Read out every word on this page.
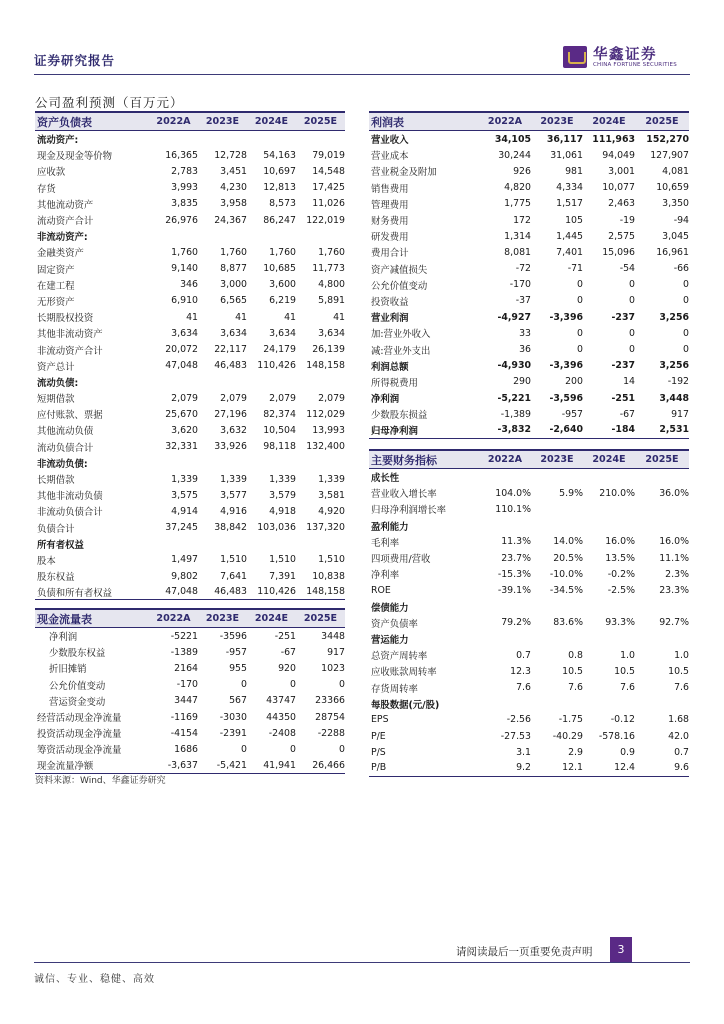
证券研究报告	华鑫证券
CHINA FORTUNE SECURITIES
公司盈利预测（百万元）
资产负债表	2022A	2023E	2024E	2025E
流动资产:
现金及现金等价物	16,365	12,728	54,163	79,019
应收款	2,783	3,451	10,697	14,548
存货	3,993	4,230	12,813	17,425
其他流动资产	3,835	3,958	8,573	11,026
流动资产合计	26,976	24,367	86,247	122,019
非流动资产:
金融类资产	1,760	1,760	1,760	1,760
固定资产	9,140	8,877	10,685	11,773
在建工程	346	3,000	3,600	4,800
无形资产	6,910	6,565	6,219	5,891
长期股权投资	41	41	41	41
其他非流动资产	3,634	3,634	3,634	3,634
非流动资产合计	20,072	22,117	24,179	26,139
资产总计	47,048	46,483	110,426	148,158
流动负债:
短期借款	2,079	2,079	2,079	2,079
应付账款、票据	25,670	27,196	82,374	112,029
其他流动负债	3,620	3,632	10,504	13,993
流动负债合计	32,331	33,926	98,118	132,400
非流动负债:
长期借款	1,339	1,339	1,339	1,339
其他非流动负债	3,575	3,577	3,579	3,581
非流动负债合计	4,914	4,916	4,918	4,920
负债合计	37,245	38,842	103,036	137,320
所有者权益
股本	1,497	1,510	1,510	1,510
股东权益	9,802	7,641	7,391	10,838
负债和所有者权益	47,048	46,483	110,426	148,158
利润表	2022A	2023E	2024E	2025E
营业收入	34,105	36,117 111,963	152,270
营业成本	30,244	31,061	94,049	127,907
营业税金及附加	926	981	3,001	4,081
销售费用	4,820	4,334	10,077	10,659
管理费用	1,775	1,517	2,463	3,350
财务费用	172	105	-19	-94
研发费用	1,314	1,445	2,575	3,045
费用合计	8,081	7,401	15,096	16,961
资产减值损失	-72	-71	-54	-66
公允价值变动	-170	0	0	0
投资收益	-37	0	0	0
营业利润	-4,927	-3,396	-237	3,256
加:营业外收入	33	0	0	0
减:营业外支出	36	0	0	0
利润总额	-4,930	-3,396	-237	3,256
所得税费用	290	200	14	-192
净利润	-5,221	-3,596	-251	3,448
少数股东损益	-1,389	-957	-67	917
归母净利润	-3,832	-2,640	-184	2,531
主要财务指标	2022A	2023E	2024E	2025E
成长性
营业收入增长率	104.0%	5.9%	210.0%	36.0%
归母净利润增长率	110.1%
盈利能力
毛利率	11.3%	14.0%	16.0%	16.0%
四项费用/营收	23.7%	20.5%	13.5%	11.1%
净利率	-15.3%	-10.0%	-0.2%	2.3%
ROE	-39.1%	-34.5%	-2.5%	23.3%
偿债能力
资产负债率	79.2%	83.6%	93.3%	92.7%
营运能力
总资产周转率	0.7	0.8	1.0	1.0
应收账款周转率	12.3	10.5	10.5	10.5
存货周转率	7.6	7.6	7.6	7.6
每股数据(元/股)
EPS	-2.56	-1.75	-0.12	1.68
P/E	-27.53	-40.29	-578.16	42.0
P/S	3.1	2.9	0.9	0.7
P/B	9.2	12.1	12.4	9.6
现金流量表	2022A	2023E	2024E	2025E
净利润	-5221	-3596	-251	3448
少数股东权益	-1389	-957	-67	917
折旧摊销	2164	955	920	1023
公允价值变动	-170	0	0	0
营运资金变动	3447	567	43747	23366
经营活动现金净流量	-1169	-3030	44350	28754
投资活动现金净流量	-4154	-2391	-2408	-2288
筹资活动现金净流量	1686	0	0	0
现金流量净额	-3,637	-5,421	41,941	26,466
资料来源：Wind、华鑫证券研究
请阅读最后一页重要免责声明	3
诚信、专业、稳健、高效
